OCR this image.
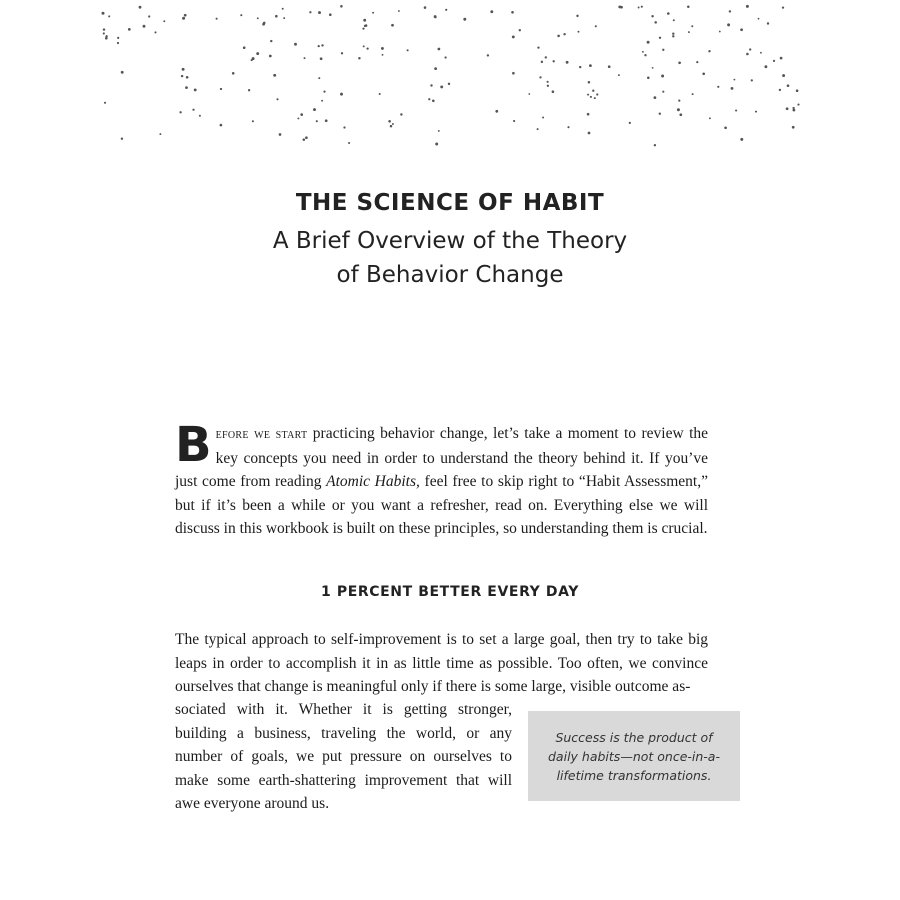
THE SCIENCE OF HABIT
A Brief Overview of the Theory
of Behavior Change

Before we start practicing behavior change, let’s take a moment to review the key concepts you need in order to understand the theory behind it. If you’ve just come from reading Atomic Habits, feel free to skip right to “Habit Assessment,” but if it’s been a while or you want a refresher, read on. Everything else we will discuss in this workbook is built on these principles, so understanding them is crucial.

1 PERCENT BETTER EVERY DAY

The typical approach to self-improvement is to set a large goal, then try to take big leaps in order to accomplish it in as little time as possible. Too often, we convince ourselves that change is meaningful only if there is some large, visible outcome as-

sociated with it. Whether it is getting stronger, building a business, traveling the world, or any number of goals, we put pressure on ourselves to make some earth-shattering improvement that will awe everyone around us.

Success is the product of daily habits—not once-in-a-lifetime transformations.
